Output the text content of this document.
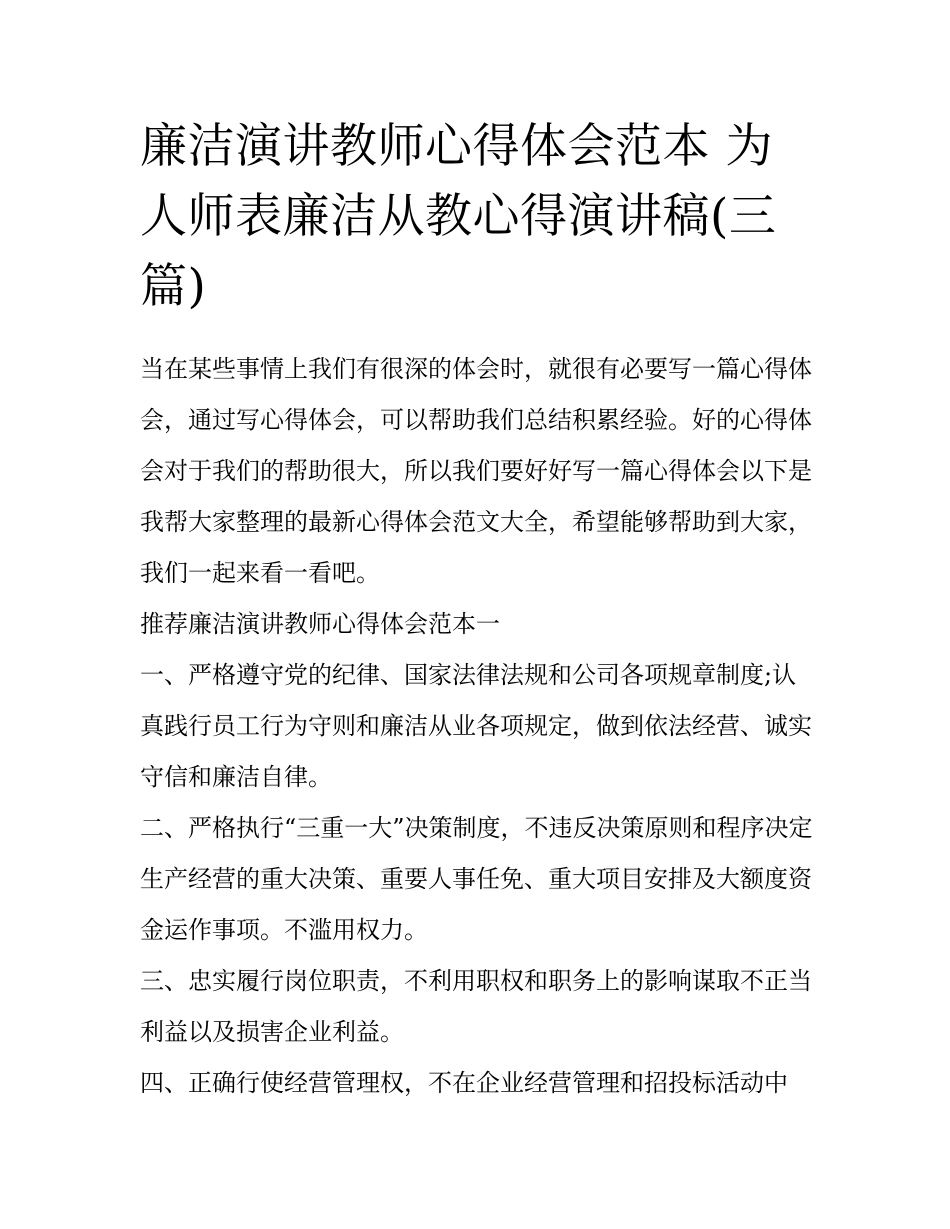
廉洁演讲教师心得体会范本 为人师表廉洁从教心得演讲稿(三篇)

当在某些事情上我们有很深的体会时，就很有必要写一篇心得体会，通过写心得体会，可以帮助我们总结积累经验。好的心得体会对于我们的帮助很大，所以我们要好好写一篇心得体会以下是我帮大家整理的最新心得体会范文大全，希望能够帮助到大家，我们一起来看一看吧。

推荐廉洁演讲教师心得体会范本一

一、严格遵守党的纪律、国家法律法规和公司各项规章制度;认真践行员工行为守则和廉洁从业各项规定，做到依法经营、诚实守信和廉洁自律。

二、严格执行“三重一大”决策制度，不违反决策原则和程序决定生产经营的重大决策、重要人事任免、重大项目安排及大额度资金运作事项。不滥用权力。

三、忠实履行岗位职责，不利用职权和职务上的影响谋取不正当利益以及损害企业利益。

四、正确行使经营管理权，不在企业经营管理和招投标活动中
